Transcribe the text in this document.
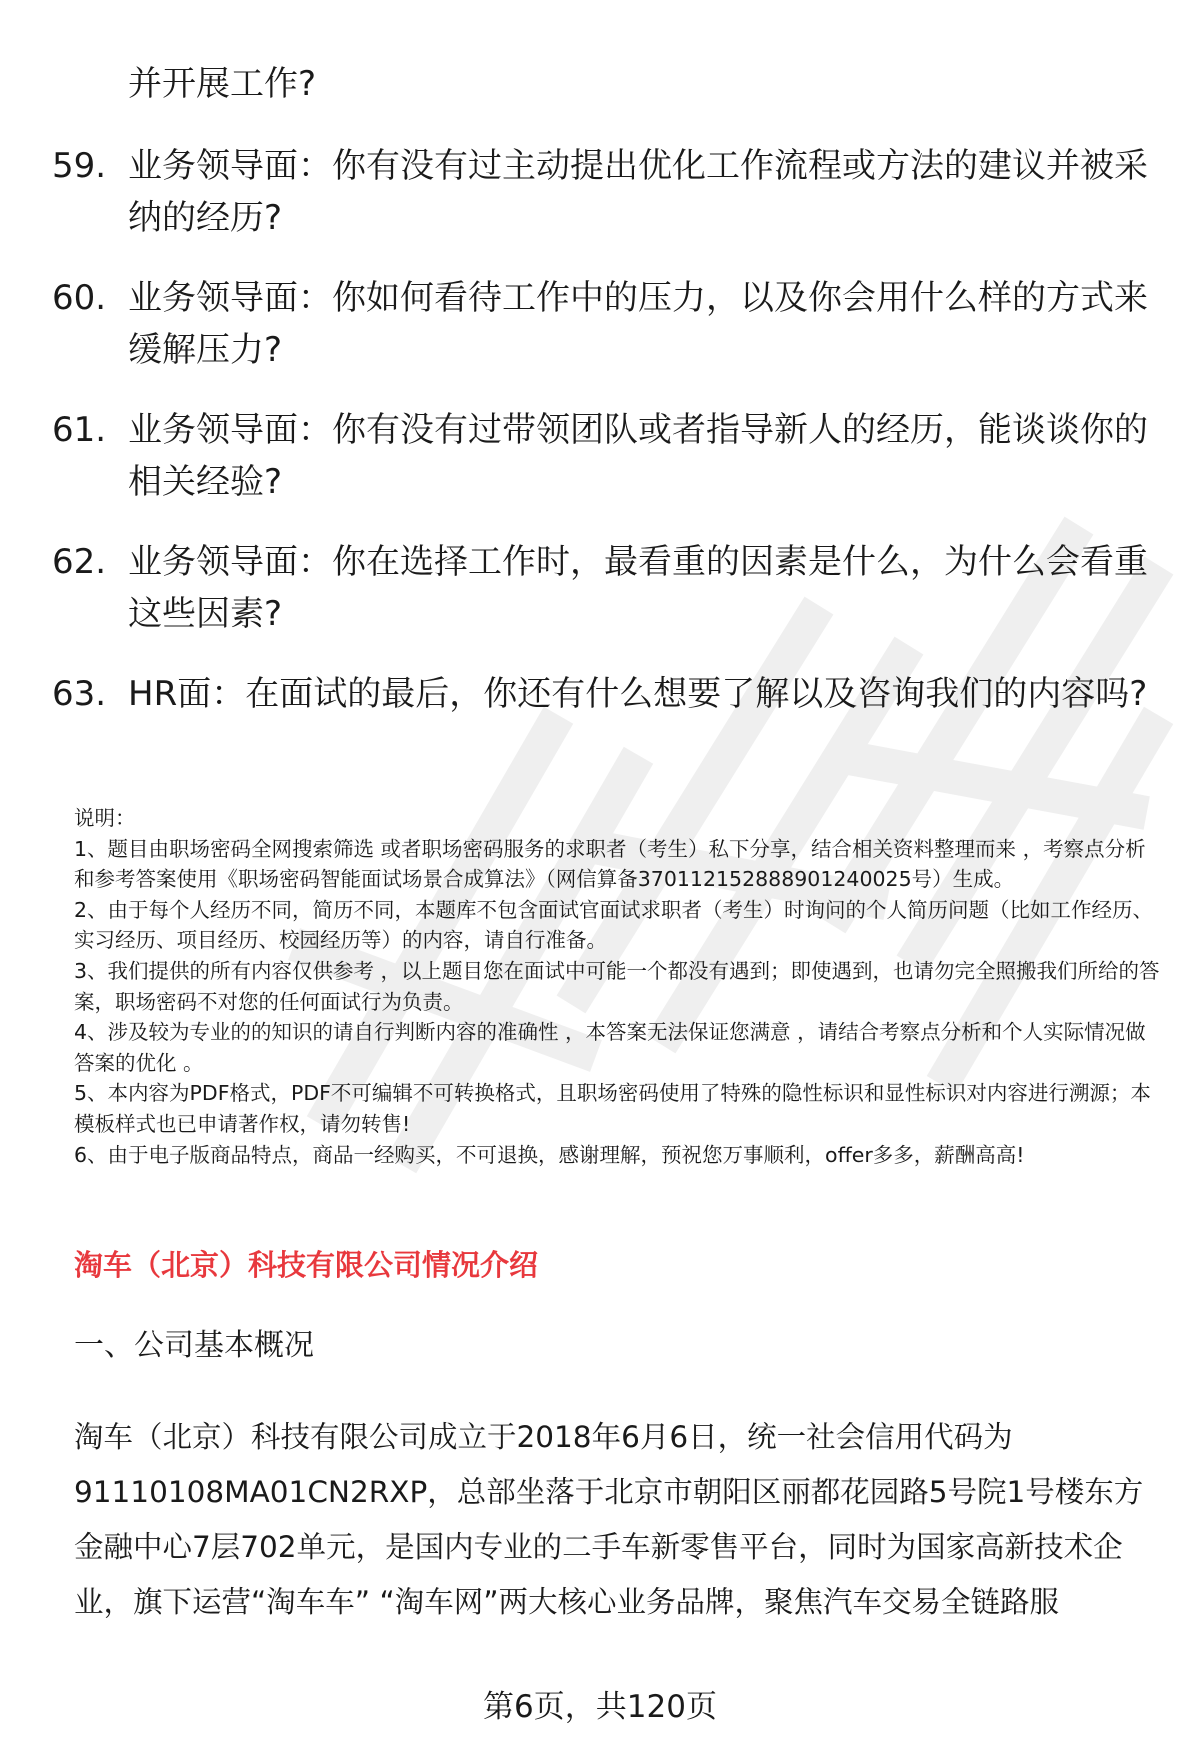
并开展工作?

59. 业务领导面：你有没有过主动提出优化工作流程或方法的建议并被采纳的经历?
60. 业务领导面：你如何看待工作中的压力，以及你会用什么样的方式来缓解压力?
61. 业务领导面：你有没有过带领团队或者指导新人的经历，能谈谈你的相关经验?
62. 业务领导面：你在选择工作时，最看重的因素是什么，为什么会看重这些因素?
63. HR面：在面试的最后，你还有什么想要了解以及咨询我们的内容吗?

说明：

1、题目由职场密码全网搜索筛选 或者职场密码服务的求职者（考生）私下分享，结合相关资料整理而来 ，考察点分析和参考答案使用《职场密码智能面试场景合成算法》（网信算备370112152888901240025号）生成。

2、由于每个人经历不同，简历不同，本题库不包含面试官面试求职者（考生）时询问的个人简历问题（比如工作经历、实习经历、项目经历、校园经历等）的内容，请自行准备。

3、我们提供的所有内容仅供参考 ，以上题目您在面试中可能一个都没有遇到；即使遇到，也请勿完全照搬我们所给的答案，职场密码不对您的任何面试行为负责。

4、涉及较为专业的的知识的请自行判断内容的准确性 ，本答案无法保证您满意 ，请结合考察点分析和个人实际情况做答案的优化 。

5、本内容为PDF格式，PDF不可编辑不可转换格式，且职场密码使用了特殊的隐性标识和显性标识对内容进行溯源；本模板样式也已申请著作权，请勿转售!

6、由于电子版商品特点，商品一经购买，不可退换，感谢理解，预祝您万事顺利，offer多多，薪酬高高!

淘车（北京）科技有限公司情况介绍
一、公司基本概况

淘车（北京）科技有限公司成立于2018年6月6日，统一社会信用代码为91110108MA01CN2RXP，总部坐落于北京市朝阳区丽都花园路5号院1号楼东方金融中心7层702单元，是国内专业的二手车新零售平台，同时为国家高新技术企业，旗下运营“淘车车” “淘车网”两大核心业务品牌，聚焦汽车交易全链路服

第6页，共120页
